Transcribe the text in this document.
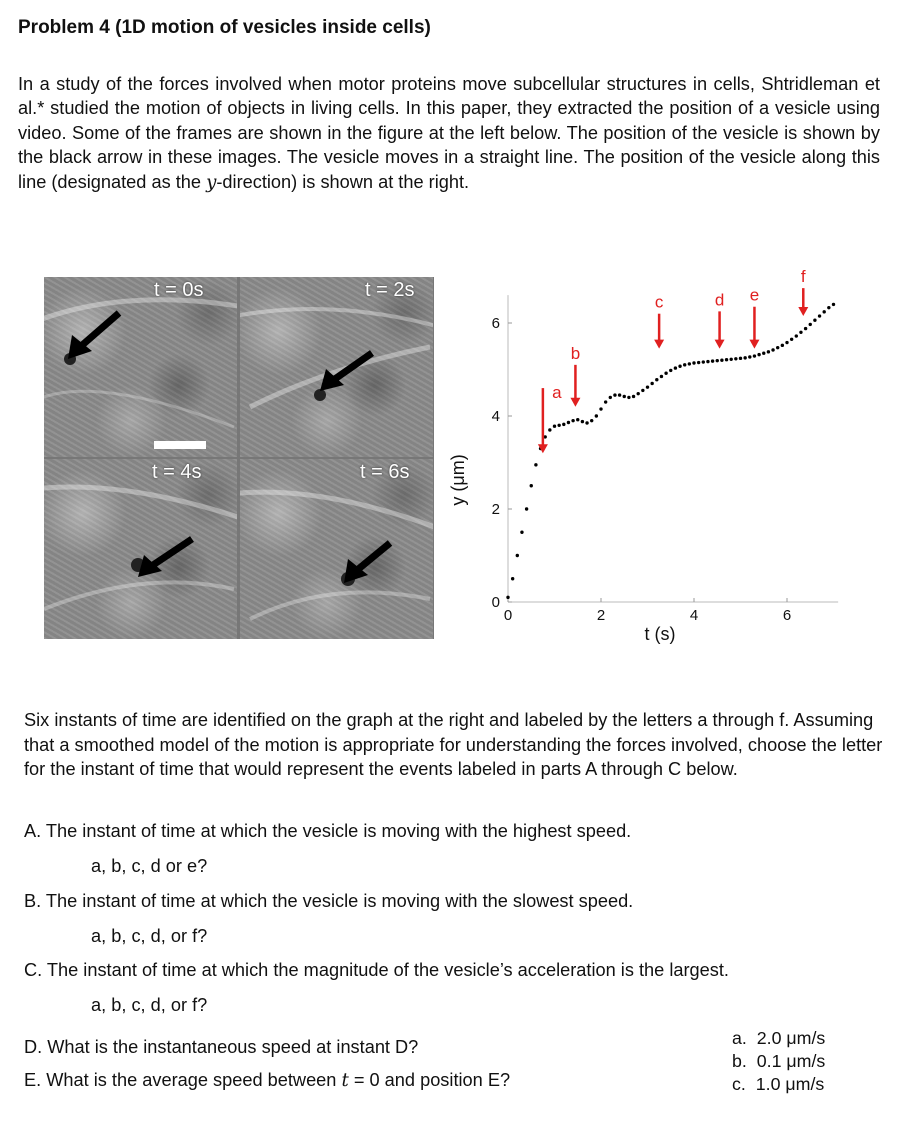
Problem 4 (1D motion of vesicles inside cells)
In a study of the forces involved when motor proteins move subcellular structures in cells, Shtridleman et al.* studied the motion of objects in living cells. In this paper, they extracted the position of a vesicle using video. Some of the frames are shown in the figure at the left below. The position of the vesicle is shown by the black arrow in these images. The vesicle moves in a straight line. The position of the vesicle along this line (designated as the y-direction) is shown at the right.
t = 0s	t = 2s
t = 4s	t = 6s
0	2	4	6
0
2
4
6
a
b
c	d e
f
t (s)
y (μm)
Six instants of time are identified on the graph at the right and labeled by the letters a through f. Assuming that a smoothed model of the motion is appropriate for understanding the forces involved, choose the letter for the instant of time that would represent the events labeled in parts A through C below.
A. The instant of time at which the vesicle is moving with the highest speed.
a, b, c, d or e?
B. The instant of time at which the vesicle is moving with the slowest speed.
a, b, c, d, or f?
C. The instant of time at which the magnitude of the vesicle’s acceleration is the largest.
a, b, c, d, or f?
D. What is the instantaneous speed at instant D?
E. What is the average speed between t = 0 and position E?
a. 2.0 μm/s
b. 0.1 μm/s
c. 1.0 μm/s
